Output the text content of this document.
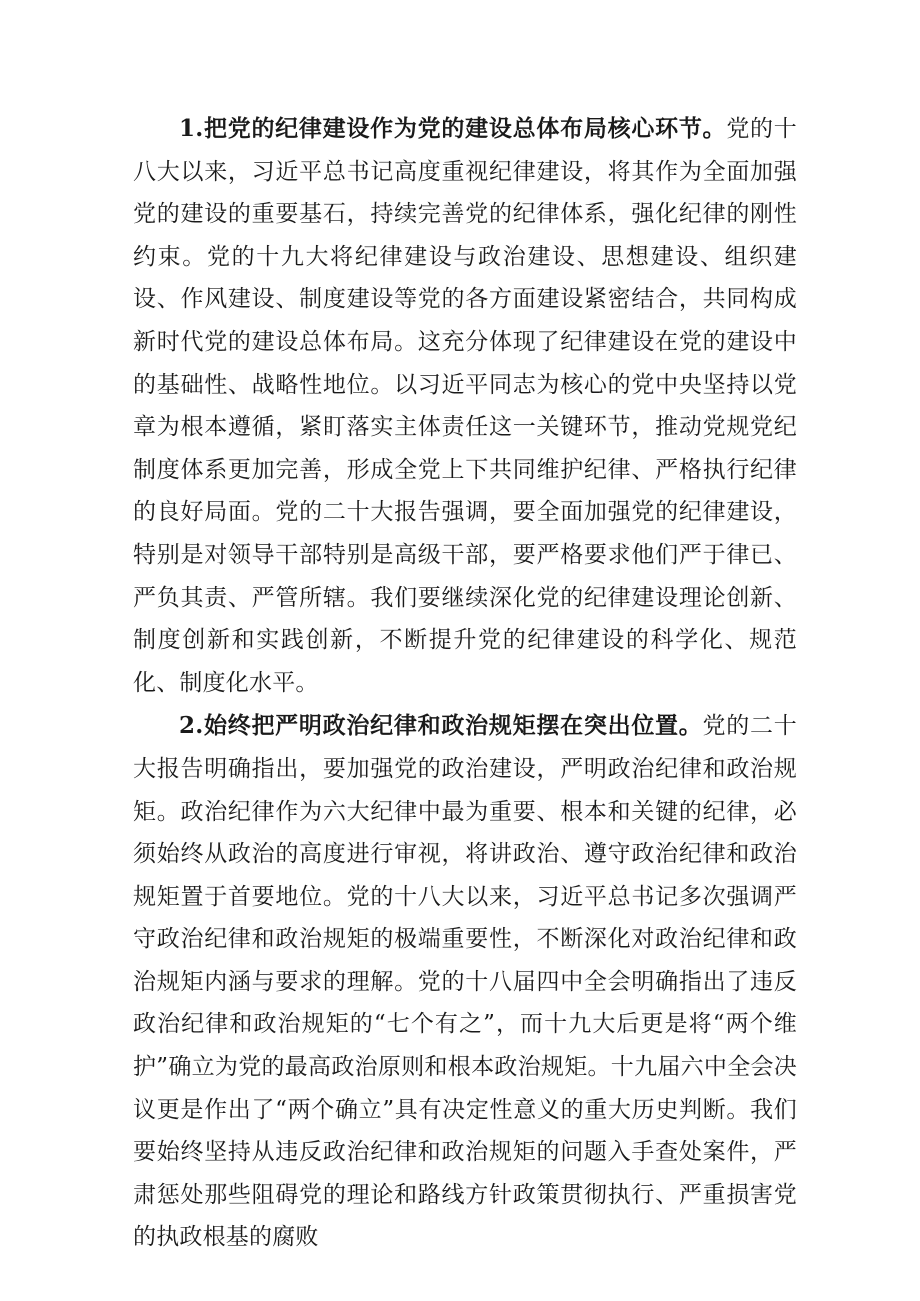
1.把党的纪律建设作为党的建设总体布局核心环节。党的十八大以来，习近平总书记高度重视纪律建设，将其作为全面加强党的建设的重要基石，持续完善党的纪律体系，强化纪律的刚性约束。党的十九大将纪律建设与政治建设、思想建设、组织建设、作风建设、制度建设等党的各方面建设紧密结合，共同构成新时代党的建设总体布局。这充分体现了纪律建设在党的建设中的基础性、战略性地位。以习近平同志为核心的党中央坚持以党章为根本遵循，紧盯落实主体责任这一关键环节，推动党规党纪制度体系更加完善，形成全党上下共同维护纪律、严格执行纪律的良好局面。党的二十大报告强调，要全面加强党的纪律建设，特别是对领导干部特别是高级干部，要严格要求他们严于律已、严负其责、严管所辖。我们要继续深化党的纪律建设理论创新、制度创新和实践创新，不断提升党的纪律建设的科学化、规范化、制度化水平。

2.始终把严明政治纪律和政治规矩摆在突出位置。党的二十大报告明确指出，要加强党的政治建设，严明政治纪律和政治规矩。政治纪律作为六大纪律中最为重要、根本和关键的纪律，必须始终从政治的高度进行审视，将讲政治、遵守政治纪律和政治规矩置于首要地位。党的十八大以来，习近平总书记多次强调严守政治纪律和政治规矩的极端重要性，不断深化对政治纪律和政治规矩内涵与要求的理解。党的十八届四中全会明确指出了违反政治纪律和政治规矩的“七个有之”，而十九大后更是将“两个维护”确立为党的最高政治原则和根本政治规矩。十九届六中全会决议更是作出了“两个确立”具有决定性意义的重大历史判断。我们要始终坚持从违反政治纪律和政治规矩的问题入手查处案件，严肃惩处那些阻碍党的理论和路线方针政策贯彻执行、严重损害党的执政根基的腐败
